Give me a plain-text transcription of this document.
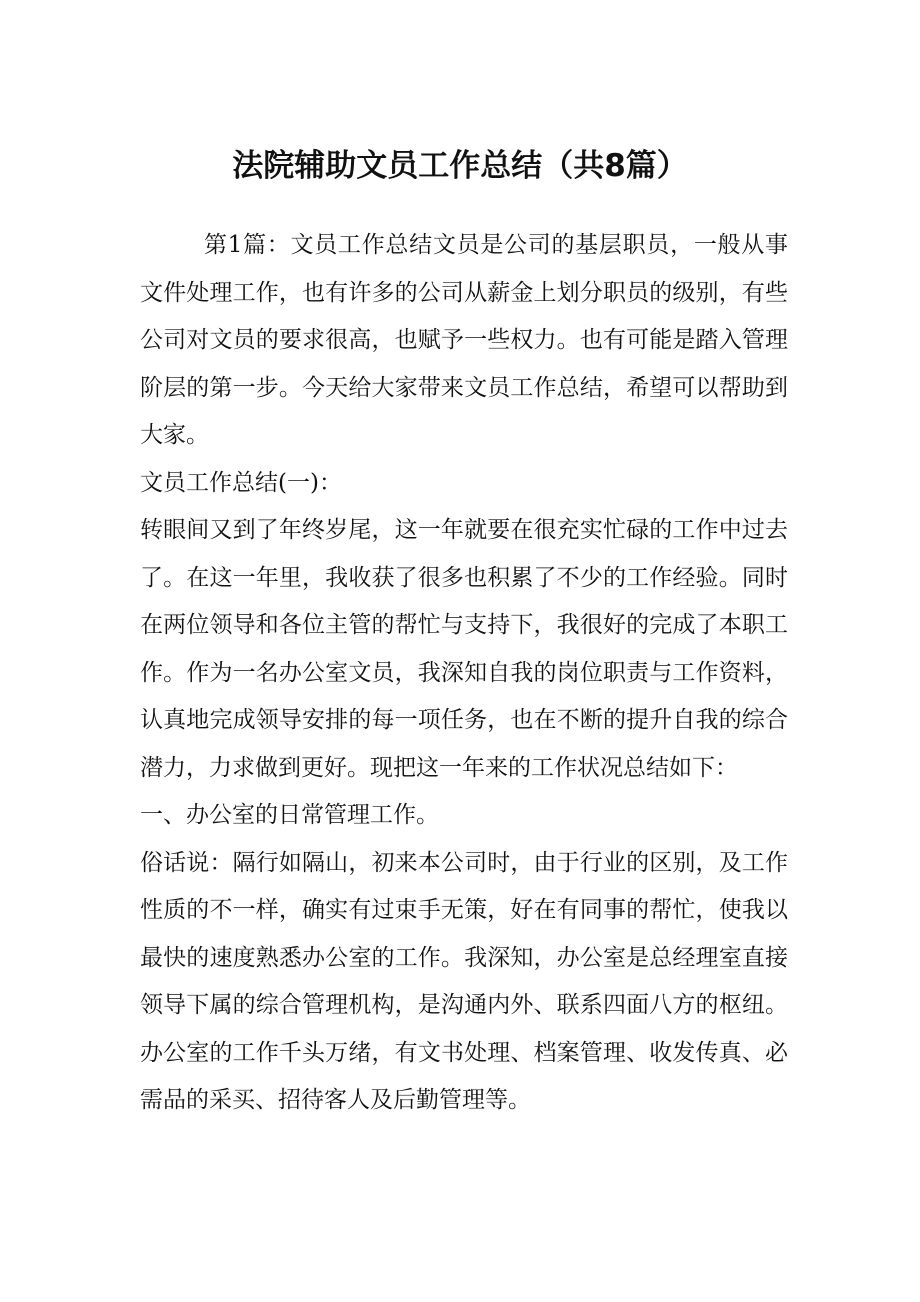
法院辅助文员工作总结（共8篇）

第1篇：文员工作总结文员是公司的基层职员，一般从事文件处理工作，也有许多的公司从薪金上划分职员的级别，有些公司对文员的要求很高，也赋予一些权力。也有可能是踏入管理阶层的第一步。今天给大家带来文员工作总结，希望可以帮助到大家。

文员工作总结(一)：

转眼间又到了年终岁尾，这一年就要在很充实忙碌的工作中过去了。在这一年里，我收获了很多也积累了不少的工作经验。同时在两位领导和各位主管的帮忙与支持下，我很好的完成了本职工作。作为一名办公室文员，我深知自我的岗位职责与工作资料，认真地完成领导安排的每一项任务，也在不断的提升自我的综合潜力，力求做到更好。现把这一年来的工作状况总结如下：

一、办公室的日常管理工作。

俗话说：隔行如隔山，初来本公司时，由于行业的区别，及工作性质的不一样，确实有过束手无策，好在有同事的帮忙，使我以最快的速度熟悉办公室的工作。我深知，办公室是总经理室直接领导下属的综合管理机构，是沟通内外、联系四面八方的枢纽。办公室的工作千头万绪，有文书处理、档案管理、收发传真、必需品的采买、招待客人及后勤管理等。
